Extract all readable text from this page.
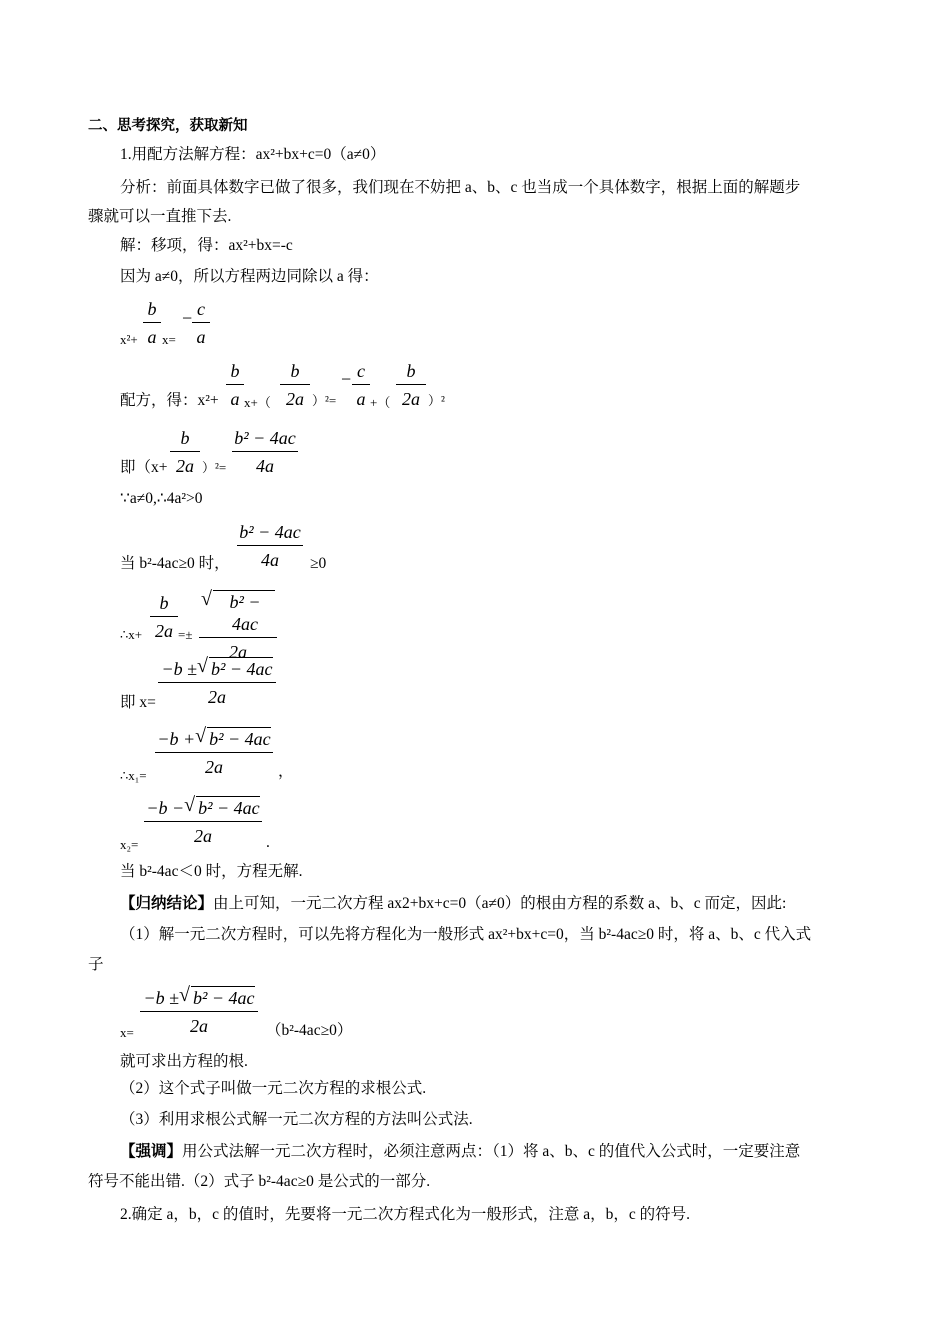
二、思考探究，获取新知
1.用配方法解方程：ax²+bx+c=0（a≠0）
分析：前面具体数字已做了很多，我们现在不妨把 a、b、c 也当成一个具体数字，根据上面的解题步
骤就可以一直推下去.
解：移项，得：ax²+bx=-c
因为 a≠0，所以方程两边同除以 a 得：
$x^2+ \frac{b}{a} x=$
− $\frac{c}{a}$
配方，得：$x^2+ \frac{b}{a} x+( \frac{b}{2a} )^2=$
− $\frac{c}{a}$ +（ $\frac{b}{2a} )^2$
即$(x+ \frac{b}{2a} )^2= \frac{\text{b² − 4ac}}{4a}$
∵a≠0,∴4a²>0
当 b²-4ac≥0 时， $\frac{\text{b² − 4ac}}{4a} \ge 0$
∴x+ $\frac{b}{2a} =\pm \frac{\text{√ b² − 4ac}}{2a}$
即 $x= \frac{\text{−b ± √ b² − 4ac}}{2a}$
∴x₁= $\frac{\text{−b + √ b² − 4ac}}{2a}$ ，
$x_2= \frac{\text{−b − √ b² − 4ac}}{2a}$ .
当 b²-4ac＜0 时，方程无解.
【归纳结论】由上可知，一元二次方程 ax2+bx+c=0（a≠0）的根由方程的系数 a、b、c 而定，因此:
（1）解一元二次方程时，可以先将方程化为一般形式 ax²+bx+c=0，当 b²-4ac≥0 时，将 a、b、c 代入式
子
$x= \frac{\text{−b ± √ b² − 4ac}}{2a} (b^2-4ac\ge 0)$
就可求出方程的根.
（2）这个式子叫做一元二次方程的求根公式.
（3）利用求根公式解一元二次方程的方法叫公式法.
【强调】用公式法解一元二次方程时，必须注意两点：（1）将 a、b、c 的值代入公式时，一定要注意
符号不能出错.（2）式子 b²-4ac≥0 是公式的一部分.
2.确定 a，b，c 的值时，先要将一元二次方程式化为一般形式，注意 a，b，c 的符号.
